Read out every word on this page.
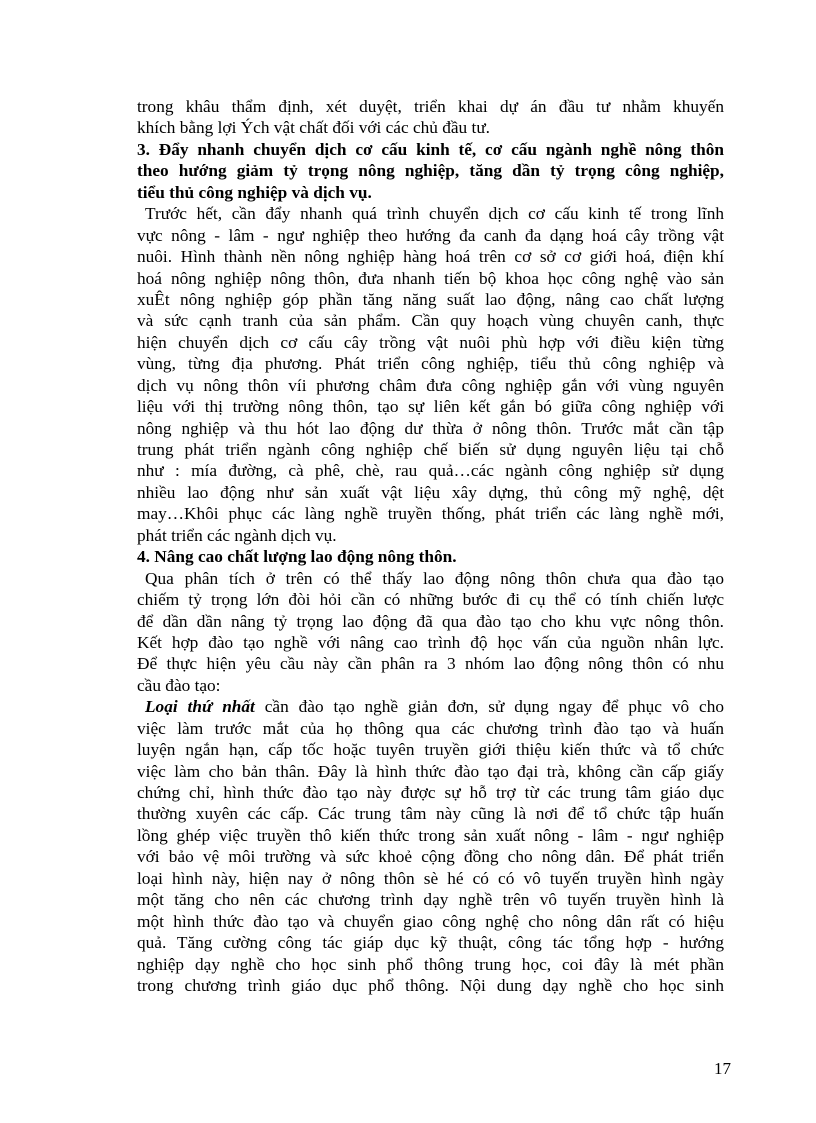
trong khâu thẩm định, xét duyệt, triển khai dự án đầu tư nhằm khuyến
khích bằng lợi Ých vật chất đối với các chủ đầu tư.
3. Đẩy nhanh chuyển dịch cơ cấu kinh tế, cơ cấu ngành nghề nông thôn
theo hướng giảm tỷ trọng nông nghiệp, tăng dần tỷ trọng công nghiệp,
tiểu thủ công nghiệp và dịch vụ.
Trước hết, cần đẩy nhanh quá trình chuyển dịch cơ cấu kinh tế trong lĩnh
vực nông - lâm - ngư nghiệp theo hướng đa canh đa dạng hoá cây trồng vật
nuôi. Hình thành nền nông nghiệp hàng hoá trên cơ sở cơ giới hoá, điện khí
hoá nông nghiệp nông thôn, đưa nhanh tiến bộ khoa học công nghệ vào sản
xuÊt nông nghiệp góp phần tăng năng suất lao động, nâng cao chất lượng
và sức cạnh tranh của sản phẩm. Cần quy hoạch vùng chuyên canh, thực
hiện chuyển dịch cơ cấu cây trồng vật nuôi phù hợp với điều kiện từng
vùng, từng địa phương. Phát triển công nghiệp, tiểu thủ công nghiệp và
dịch vụ nông thôn víi phương châm đưa công nghiệp gắn với vùng nguyên
liệu với thị trường nông thôn, tạo sự liên kết gắn bó giữa công nghiệp với
nông nghiệp và thu hót lao động dư thừa ở nông thôn. Trước mắt cần tập
trung phát triển ngành công nghiệp chế biến sử dụng nguyên liệu tại chỗ
như : mía đường, cà phê, chè, rau quả…các ngành công nghiệp sử dụng
nhiều lao động như sản xuất vật liệu xây dựng, thủ công mỹ nghệ, dệt
may…Khôi phục các làng nghề truyền thống, phát triển các làng nghề mới,
phát triển các ngành dịch vụ.
4. Nâng cao chất lượng lao động nông thôn.
Qua phân tích ở trên có thể thấy lao động nông thôn chưa qua đào tạo
chiếm tỷ trọng lớn đòi hỏi cần có những bước đi cụ thể có tính chiến lược
để dần dần nâng tỷ trọng lao động đã qua đào tạo cho khu vực nông thôn.
Kết hợp đào tạo nghề với nâng cao trình độ học vấn của nguồn nhân lực.
Để thực hiện yêu cầu này cần phân ra 3 nhóm lao động nông thôn có nhu
cầu đào tạo:
Loại thứ nhất cần đào tạo nghề giản đơn, sử dụng ngay để phục vô cho
việc làm trước mắt của họ thông qua các chương trình đào tạo và huấn
luyện ngắn hạn, cấp tốc hoặc tuyên truyền giới thiệu kiến thức và tổ chức
việc làm cho bản thân. Đây là hình thức đào tạo đại trà, không cần cấp giấy
chứng chỉ, hình thức đào tạo này được sự hỗ trợ từ các trung tâm giáo dục
thường xuyên các cấp. Các trung tâm này cũng là nơi để tổ chức tập huấn
lồng ghép việc truyền thô kiến thức trong sản xuất nông - lâm - ngư nghiệp
với bảo vệ môi trường và sức khoẻ cộng đồng cho nông dân. Để phát triển
loại hình này, hiện nay ở nông thôn sè hé có có vô tuyến truyền hình ngày
một tăng cho nên các chương trình dạy nghề trên vô tuyến truyền hình là
một hình thức đào tạo và chuyển giao công nghệ cho nông dân rất có hiệu
quả. Tăng cường công tác giáp dục kỹ thuật, công tác tổng hợp - hướng
nghiệp dạy nghề cho học sinh phổ thông trung học, coi đây là mét phần
trong chương trình giáo dục phổ thông. Nội dung dạy nghề cho học sinh
17
